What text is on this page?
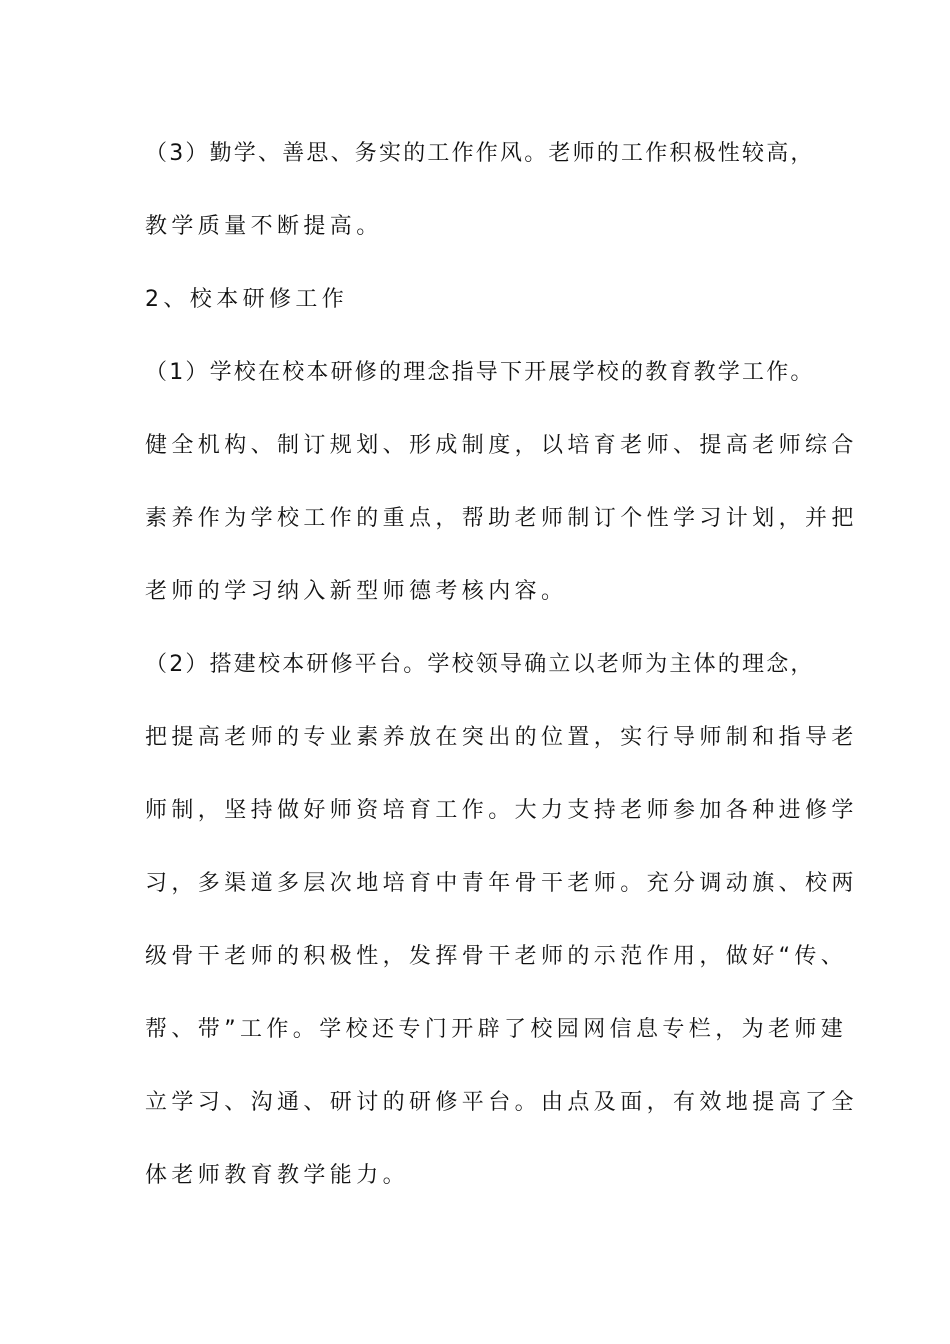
（3）勤学、善思、务实的工作作风。老师的工作积极性较高，
教学质量不断提高。
2、校本研修工作
（1）学校在校本研修的理念指导下开展学校的教育教学工作。
健全机构、制订规划、形成制度，以培育老师、提高老师综合
素养作为学校工作的重点，帮助老师制订个性学习计划，并把
老师的学习纳入新型师德考核内容。
（2）搭建校本研修平台。学校领导确立以老师为主体的理念，
把提高老师的专业素养放在突出的位置，实行导师制和指导老
师制，坚持做好师资培育工作。大力支持老师参加各种进修学
习，多渠道多层次地培育中青年骨干老师。充分调动旗、校两
级骨干老师的积极性，发挥骨干老师的示范作用，做好“传、
帮、带”工作。学校还专门开辟了校园网信息专栏，为老师建
立学习、沟通、研讨的研修平台。由点及面，有效地提高了全
体老师教育教学能力。
